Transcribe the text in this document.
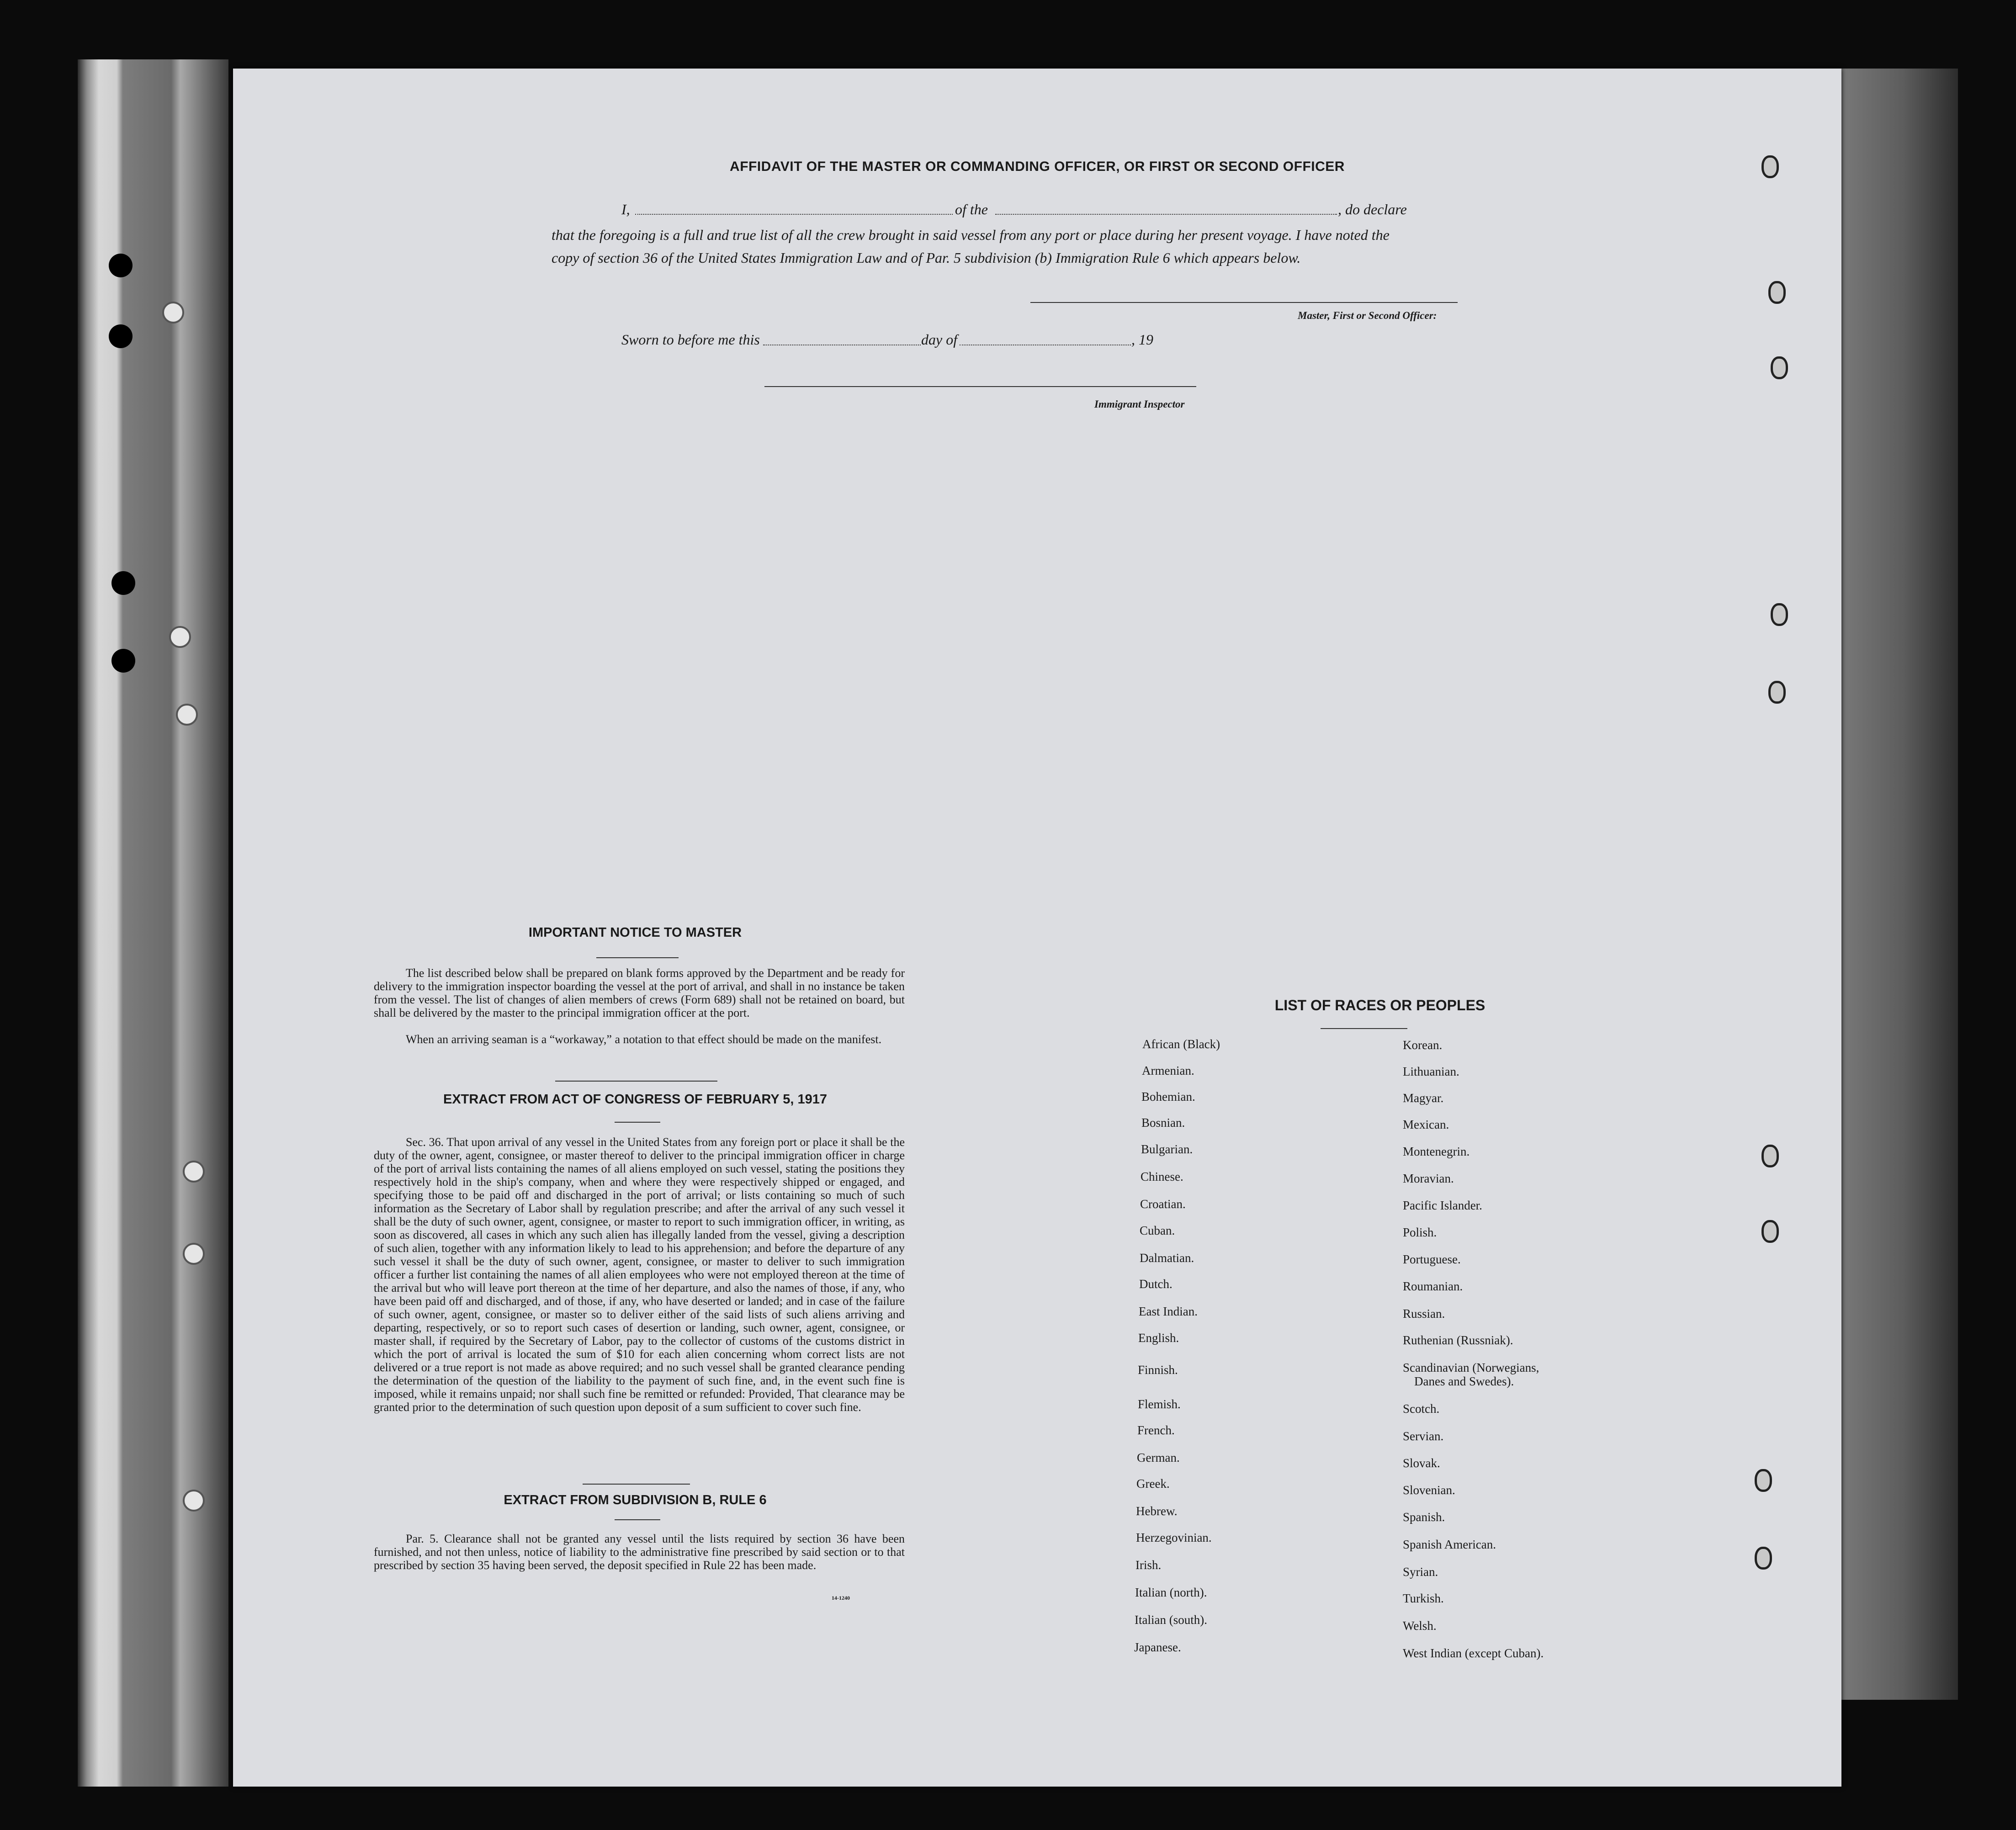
AFFIDAVIT OF THE MASTER OR COMMANDING OFFICER, OR FIRST OR SECOND OFFICER
I,	of the	, do declare
that the foregoing is a full and true list of all the crew brought in said vessel from any port or place during her present voyage. I have noted the
copy of section 36 of the United States Immigration Law and of Par. 5 subdivision (b) Immigration Rule 6 which appears below.
Master, First or Second Officer:
Sworn to before me this	day of	, 19
Immigrant Inspector
IMPORTANT NOTICE TO MASTER
The list described below shall be prepared on blank forms approved by the Department and be ready for delivery to the immigration inspector boarding the vessel at the port of arrival, and shall in no instance be taken from the vessel. The list of changes of alien members of crews (Form 689) shall not be retained on board, but shall be delivered by the master to the principal immigration officer at the port.
When an arriving seaman is a “workaway,” a notation to that effect should be made on the manifest.
EXTRACT FROM ACT OF CONGRESS OF FEBRUARY 5, 1917
Sec. 36. That upon arrival of any vessel in the United States from any foreign port or place it shall be the duty of the owner, agent, consignee, or master thereof to deliver to the principal immigration officer in charge of the port of arrival lists containing the names of all aliens employed on such vessel, stating the positions they respectively hold in the ship's company, when and where they were respectively shipped or engaged, and specifying those to be paid off and discharged in the port of arrival; or lists containing so much of such information as the Secretary of Labor shall by regulation prescribe; and after the arrival of any such vessel it shall be the duty of such owner, agent, consignee, or master to report to such immigration officer, in writing, as soon as discovered, all cases in which any such alien has illegally landed from the vessel, giving a description of such alien, together with any information likely to lead to his apprehension; and before the departure of any such vessel it shall be the duty of such owner, agent, consignee, or master to deliver to such immigration officer a further list containing the names of all alien employees who were not employed thereon at the time of the arrival but who will leave port thereon at the time of her departure, and also the names of those, if any, who have been paid off and discharged, and of those, if any, who have deserted or landed; and in case of the failure of such owner, agent, consignee, or master so to deliver either of the said lists of such aliens arriving and departing, respectively, or so to report such cases of desertion or landing, such owner, agent, consignee, or master shall, if required by the Secretary of Labor, pay to the collector of customs of the customs district in which the port of arrival is located the sum of $10 for each alien concerning whom correct lists are not delivered or a true report is not made as above required; and no such vessel shall be granted clearance pending the determination of the question of the liability to the payment of such fine, and, in the event such fine is imposed, while it remains unpaid; nor shall such fine be remitted or refunded: Provided, That clearance may be granted prior to the determination of such question upon deposit of a sum sufficient to cover such fine.
EXTRACT FROM SUBDIVISION B, RULE 6
Par. 5. Clearance shall not be granted any vessel until the lists required by section 36 have been furnished, and not then unless, notice of liability to the administrative fine prescribed by said section or to that prescribed by section 35 having been served, the deposit specified in Rule 22 has been made.
14-1240
LIST OF RACES OR PEOPLES
African (Black)
Armenian.
Bohemian.
Bosnian.
Bulgarian.
Chinese.
Croatian.
Cuban.
Dalmatian.
Dutch.
East Indian.
English.
Finnish.
Flemish.
French.
German.
Greek.
Hebrew.
Herzegovinian.
Irish.
Italian (north).
Italian (south).
Japanese.
Korean.
Lithuanian.
Magyar.
Mexican.
Montenegrin.
Moravian.
Pacific Islander.
Polish.
Portuguese.
Roumanian.
Russian.
Ruthenian (Russniak).
Scandinavian (Norwegians,
Danes and Swedes).
Scotch.
Servian.
Slovak.
Slovenian.
Spanish.
Spanish American.
Syrian.
Turkish.
Welsh.
West Indian (except Cuban).
